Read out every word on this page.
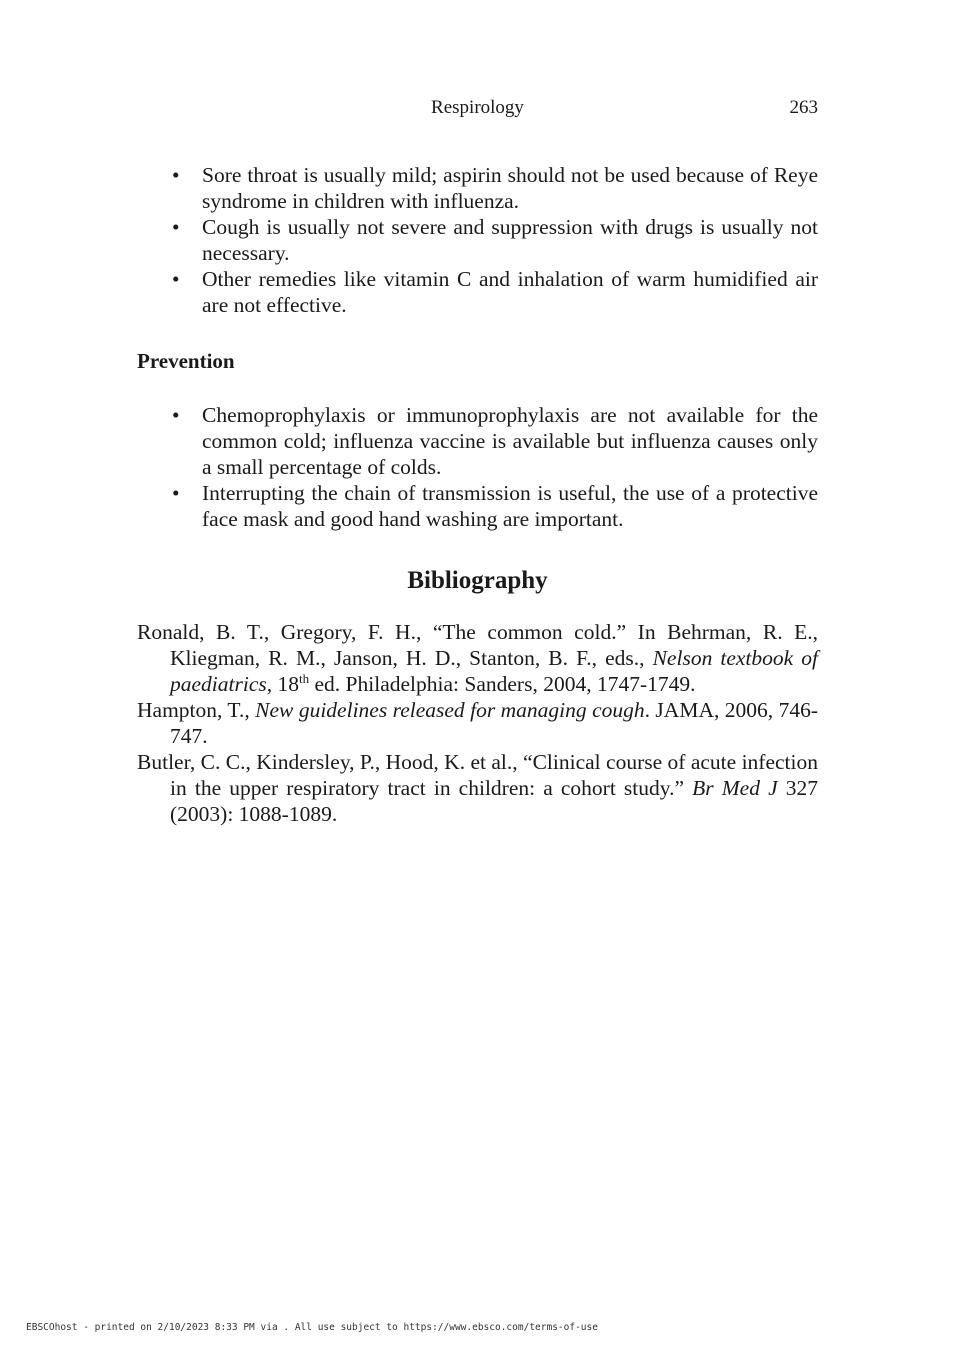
Respirology	263
• Sore throat is usually mild; aspirin should not be used because of Reye syndrome in children with influenza.
• Cough is usually not severe and suppression with drugs is usually not necessary.
• Other remedies like vitamin C and inhalation of warm humidified air are not effective.
Prevention
• Chemoprophylaxis or immunoprophylaxis are not available for the common cold; influenza vaccine is available but influenza causes only a small percentage of colds.
• Interrupting the chain of transmission is useful, the use of a protective face mask and good hand washing are important.
Bibliography
Ronald, B. T., Gregory, F. H., “The common cold.” In Behrman, R. E., Kliegman, R. M., Janson, H. D., Stanton, B. F., eds., Nelson textbook of paediatrics, 18th ed. Philadelphia: Sanders, 2004, 1747-1749.
Hampton, T., New guidelines released for managing cough. JAMA, 2006, 746-747.
Butler, C. C., Kindersley, P., Hood, K. et al., “Clinical course of acute infection in the upper respiratory tract in children: a cohort study.” Br Med J 327 (2003): 1088-1089.
EBSCOhost - printed on 2/10/2023 8:33 PM via . All use subject to https://www.ebsco.com/terms-of-use
